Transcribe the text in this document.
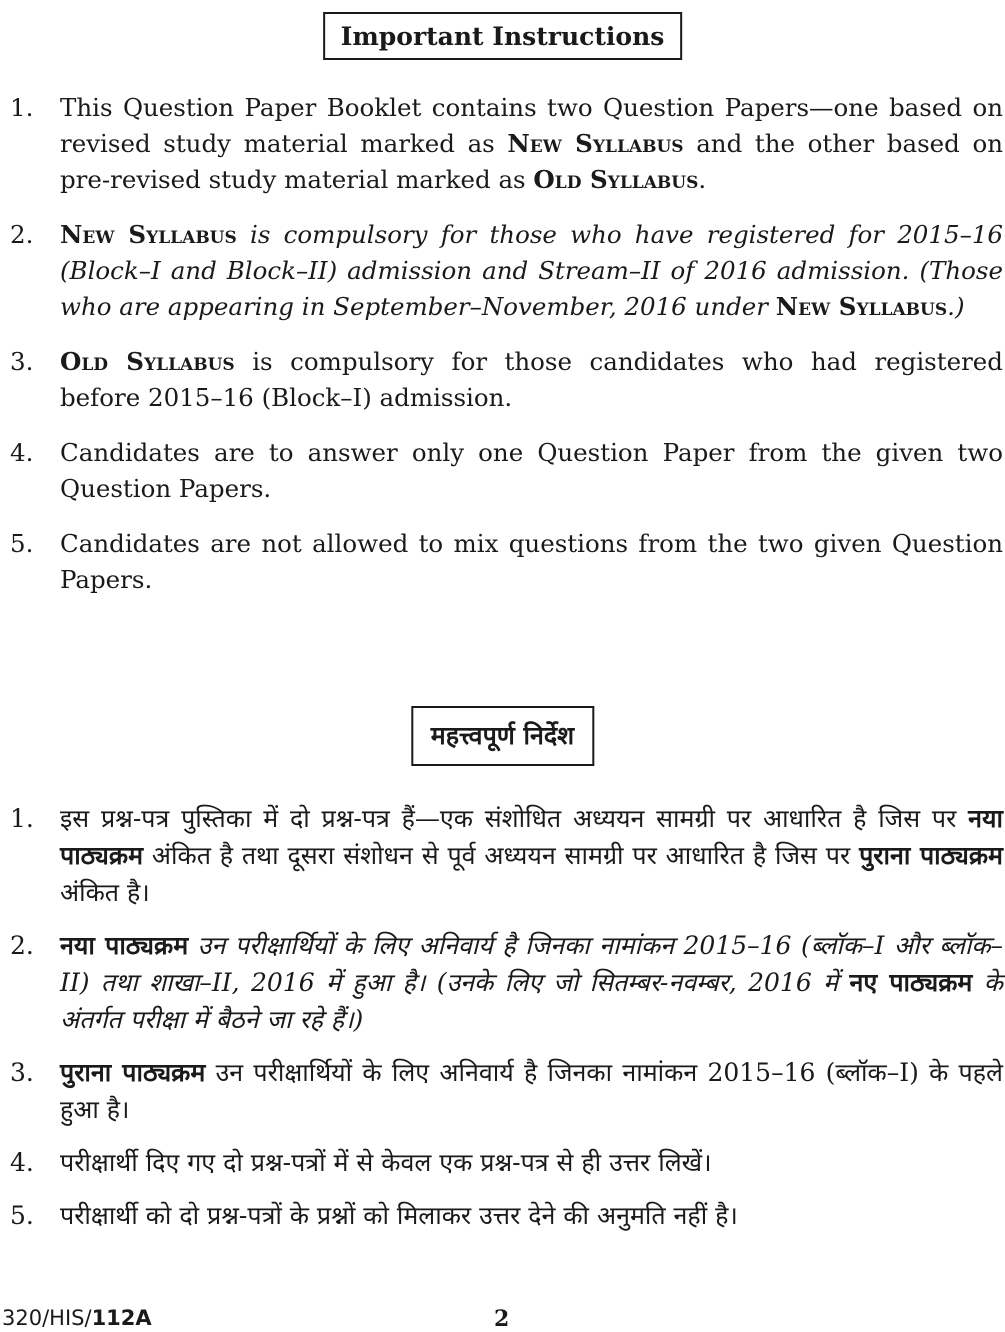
Important Instructions
1. This Question Paper Booklet contains two Question Papers—one based on revised study material marked as New Syllabus and the other based on pre-revised study material marked as Old Syllabus.
2. New Syllabus is compulsory for those who have registered for 2015–16 (Block–I and Block–II) admission and Stream–II of 2016 admission. (Those who are appearing in September–November, 2016 under New Syllabus.)
3. Old Syllabus is compulsory for those candidates who had registered before 2015–16 (Block–I) admission.
4. Candidates are to answer only one Question Paper from the given two Question Papers.
5. Candidates are not allowed to mix questions from the two given Question Papers.
महत्त्वपूर्ण निर्देश
1. इस प्रश्न-पत्र पुस्तिका में दो प्रश्न-पत्र हैं—एक संशोधित अध्ययन सामग्री पर आधारित है जिस पर नया पाठ्यक्रम अंकित है तथा दूसरा संशोधन से पूर्व अध्ययन सामग्री पर आधारित है जिस पर पुराना पाठ्यक्रम अंकित है।
2. नया पाठ्यक्रम उन परीक्षार्थियों के लिए अनिवार्य है जिनका नामांकन 2015–16 (ब्लॉक–I और ब्लॉक–II) तथा शाखा–II, 2016 में हुआ है। (उनके लिए जो सितम्बर-नवम्बर, 2016 में नए पाठ्यक्रम के अंतर्गत परीक्षा में बैठने जा रहे हैं।)
3. पुराना पाठ्यक्रम उन परीक्षार्थियों के लिए अनिवार्य है जिनका नामांकन 2015–16 (ब्लॉक–I) के पहले हुआ है।
4. परीक्षार्थी दिए गए दो प्रश्न-पत्रों में से केवल एक प्रश्न-पत्र से ही उत्तर लिखें।
5. परीक्षार्थी को दो प्रश्न-पत्रों के प्रश्नों को मिलाकर उत्तर देने की अनुमति नहीं है।
320/HIS/112A	2
